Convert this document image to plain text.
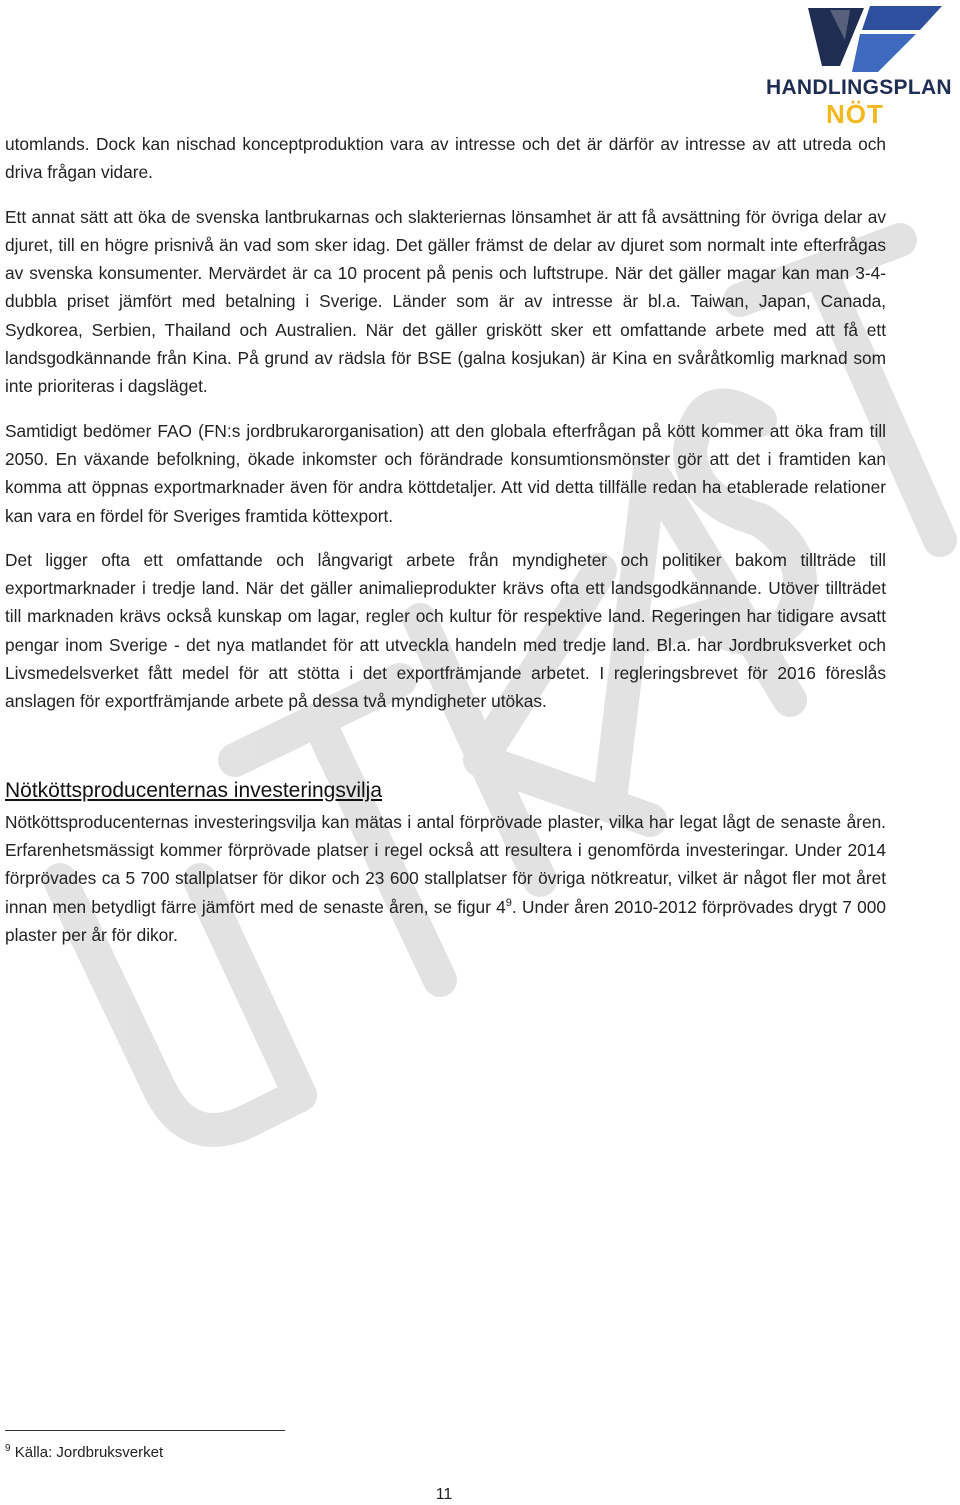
HANDLINGSPLAN
NÖT

utomlands. Dock kan nischad konceptproduktion vara av intresse och det är därför av intresse av att utreda och driva frågan vidare.

Ett annat sätt att öka de svenska lantbrukarnas och slakteriernas lönsamhet är att få avsättning för övriga delar av djuret, till en högre prisnivå än vad som sker idag. Det gäller främst de delar av djuret som normalt inte efterfrågas av svenska konsumenter. Mervärdet är ca 10 procent på penis och luftstrupe. När det gäller magar kan man 3-4-dubbla priset jämfört med betalning i Sverige. Länder som är av intresse är bl.a. Taiwan, Japan, Canada, Sydkorea, Serbien, Thailand och Australien. När det gäller griskött sker ett omfattande arbete med att få ett landsgodkännande från Kina. På grund av rädsla för BSE (galna kosjukan) är Kina en svåråtkomlig marknad som inte prioriteras i dagsläget.

Samtidigt bedömer FAO (FN:s jordbrukarorganisation) att den globala efterfrågan på kött kommer att öka fram till 2050. En växande befolkning, ökade inkomster och förändrade konsumtionsmönster gör att det i framtiden kan komma att öppnas exportmarknader även för andra köttdetaljer. Att vid detta tillfälle redan ha etablerade relationer kan vara en fördel för Sveriges framtida köttexport.

Det ligger ofta ett omfattande och långvarigt arbete från myndigheter och politiker bakom tillträde till exportmarknader i tredje land. När det gäller animalieprodukter krävs ofta ett landsgodkännande. Utöver tillträdet till marknaden krävs också kunskap om lagar, regler och kultur för respektive land. Regeringen har tidigare avsatt pengar inom Sverige - det nya matlandet för att utveckla handeln med tredje land. Bl.a. har Jordbruksverket och Livsmedelsverket fått medel för att stötta i det exportfrämjande arbetet. I regleringsbrevet för 2016 föreslås anslagen för exportfrämjande arbete på dessa två myndigheter utökas.

Nötköttsproducenternas investeringsvilja

Nötköttsproducenternas investeringsvilja kan mätas i antal förprövade plaster, vilka har legat lågt de senaste åren. Erfarenhetsmässigt kommer förprövade platser i regel också att resultera i genomförda investeringar. Under 2014 förprövades ca 5 700 stallplatser för dikor och 23 600 stallplatser för övriga nötkreatur, vilket är något fler mot året innan men betydligt färre jämfört med de senaste åren, se figur $4^9$. Under åren 2010-2012 förprövades drygt 7 000 plaster per år för dikor.

$^9$ Källa: Jordbruksverket
11
